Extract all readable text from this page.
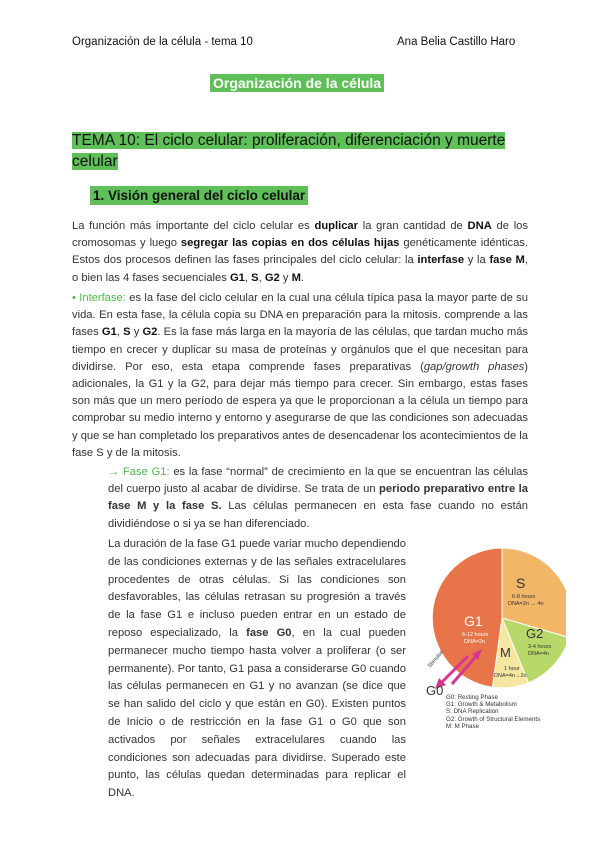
Organización de la célula - tema 10	Ana Belia Castillo Haro
Organización de la célula
TEMA 10: El ciclo celular: proliferación, diferenciación y muerte celular
1. Visión general del ciclo celular
La función más importante del ciclo celular es duplicar la gran cantidad de DNA de los cromosomas y luego segregar las copias en dos células hijas genéticamente idénticas. Estos dos procesos definen las fases principales del ciclo celular: la interfase y la fase M, o bien las 4 fases secuenciales G1, S, G2 y M.
• Interfase: es la fase del ciclo celular en la cual una célula típica pasa la mayor parte de su vida. En esta fase, la célula copia su DNA en preparación para la mitosis. comprende a las fases G1, S y G2. Es la fase más larga en la mayoría de las células, que tardan mucho más tiempo en crecer y duplicar su masa de proteínas y orgánulos que el que necesitan para dividirse. Por eso, esta etapa comprende fases preparativas (gap/growth phases) adicionales, la G1 y la G2, para dejar más tiempo para crecer. Sin embargo, estas fases son más que un mero período de espera ya que le proporcionan a la célula un tiempo para comprobar su medio interno y entorno y asegurarse de que las condiciones son adecuadas y que se han completado los preparativos antes de desencadenar los acontecimientos de la fase S y de la mitosis.
→ Fase G1: es la fase “normal” de crecimiento en la que se encuentran las células del cuerpo justo al acabar de dividirse. Se trata de un periodo preparativo entre la fase M y la fase S. Las células permanecen en esta fase cuando no están dividiéndose o si ya se han diferenciado.
La duración de la fase G1 puede variar mucho dependiendo de las condiciones externas y de las señales extracelulares procedentes de otras células. Si las condiciones son desfavorables, las células retrasan su progresión a través de la fase G1 e incluso pueden entrar en un estado de reposo especializado, la fase G0, en la cual pueden permanecer mucho tiempo hasta volver a proliferar (o ser permanente). Por tanto, G1 pasa a considerarse G0 cuando las células permanecen en G1 y no avanzan (se dice que se han salido del ciclo y que están en G0). Existen puntos de Inicio o de restricción en la fase G1 o G0 que son activados por señales extracelulares cuando las condiciones son adecuadas para dividirse. Superado este punto, las células quedan determinadas para replicar el DNA.
S
6-8 hours
DNA=2n → 4n
G1
6-12 hours
DNA=2n
G2
3-4 hours
DNA=4n
M
1 hour
DNA=4n→2n
Stimulus
G0 G0: Resting Phase
G1: Growth & Metabolism
S: DNA Replication
G2: Growth of Structural Elements
M: M Phase
